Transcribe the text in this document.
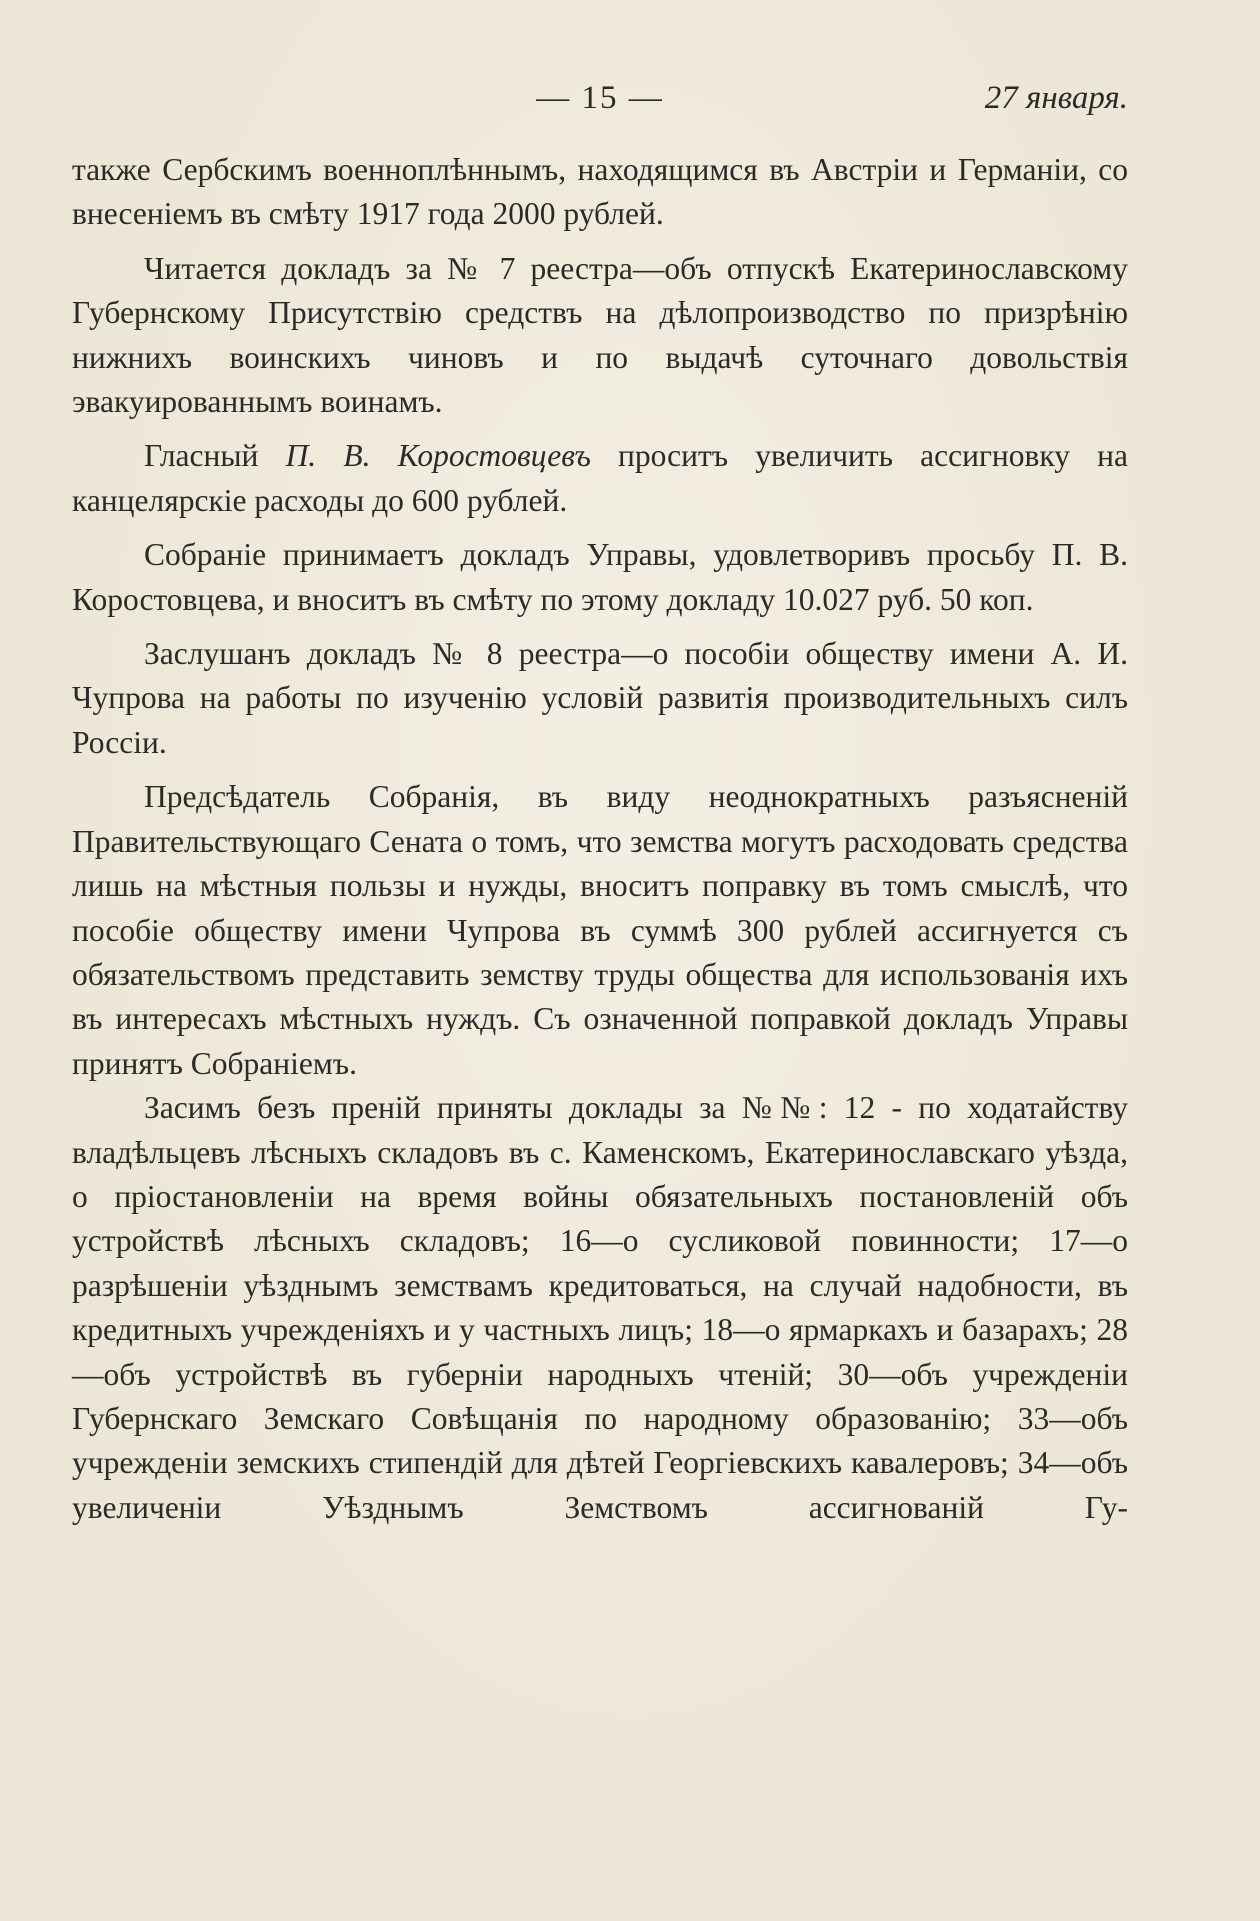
— 15 —	27 января.

также Сербскимъ военноплѣннымъ, находящимся въ Австріи и Германіи, со внесеніемъ въ смѣту 1917 года 2000 рублей.

Читается докладъ за № 7 реестра—объ отпускѣ Екатеринославскому Губернскому Присутствію средствъ на дѣлопроизводство по призрѣнію нижнихъ воинскихъ чиновъ и по выдачѣ суточнаго довольствія эвакуированнымъ воинамъ.

Гласный П. В. Коростовцевъ проситъ увеличить ассигновку на канцелярскіе расходы до 600 рублей.

Собраніе принимаетъ докладъ Управы, удовлетворивъ просьбу П. В. Коростовцева, и вноситъ въ смѣту по этому докладу 10.027 руб. 50 коп.

Заслушанъ докладъ № 8 реестра—о пособіи обществу имени А. И. Чупрова на работы по изученію условій развитія производительныхъ силъ Россіи.

Предсѣдатель Собранія, въ виду неоднократныхъ разъясненій Правительствующаго Сената о томъ, что земства могутъ расходовать средства лишь на мѣстныя пользы и нужды, вноситъ поправку въ томъ смыслѣ, что пособіе обществу имени Чупрова въ суммѣ 300 рублей ассигнуется съ обязательствомъ представить земству труды общества для использованія ихъ въ интересахъ мѣстныхъ нуждъ. Съ означенной поправкой докладъ Управы принятъ Собраніемъ.

Засимъ безъ преній приняты доклады за №№: 12 - по ходатайству владѣльцевъ лѣсныхъ складовъ въ с. Каменскомъ, Екатеринославскаго уѣзда, о пріостановленіи на время войны обязательныхъ постановленій объ устройствѣ лѣсныхъ складовъ; 16—о сусликовой повинности; 17—о разрѣшеніи уѣзднымъ земствамъ кредитоваться, на случай надобности, въ кредитныхъ учрежденіяхъ и у частныхъ лицъ; 18—о ярмаркахъ и базарахъ; 28—объ устройствѣ въ губерніи народныхъ чтеній; 30—объ учрежденіи Губернскаго Земскаго Совѣщанія по народному образованію; 33—объ учрежденіи земскихъ стипендій для дѣтей Георгіевскихъ кавалеровъ; 34—объ увеличеніи Уѣзднымъ Земствомъ ассигнованій Гу-
